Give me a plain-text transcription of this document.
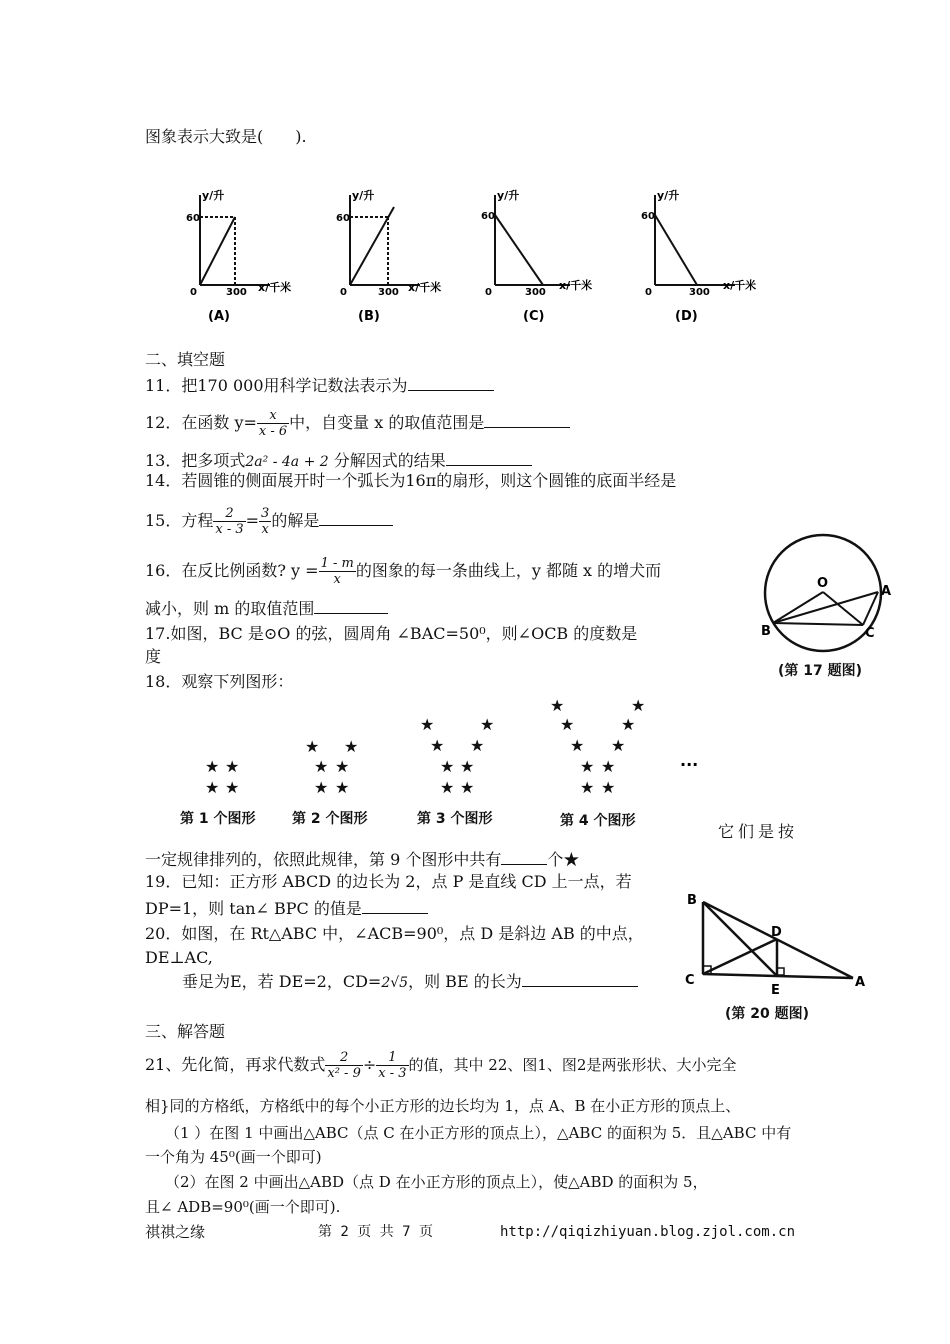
图象表示大致是(　　).
y/升
60
0	300 x/千米
(A)
y/升
60
0	300 x/千米
(B)
y/升
60
0	300
x/千米
(C)
y/升
60
0	300
x/千米
(D)
二、填空题
11．把170 000用科学记数法表示为
12．在函数 $y= \frac{x}{x - 6}$ 中，自变量 x 的取值范围是
13．把多项式2a² - 4a + 2 分解因式的结果
14．若圆锥的侧面展开时一个弧长为16π的扇形，则这个圆锥的底面半经是
15．方程 $\frac{2}{x - 3} = \frac{3}{x}$ 的解是
16．在反比例函数? $y = \frac{1 - m}{x}$ 的图象的每一条曲线上，y 都随 x 的增犬而
减小，则 m 的取值范围
17.如图，BC 是⊙O 的弦，圆周角 ∠BAC=50⁰，则∠OCB 的度数是
度
O
A
B	C
(第 17 题图)
18．观察下列图形：
★ ★
★ ★
★ ★
★ ★
★ ★
★	★
★ ★
★ ★
★ ★
★	★
★	★
★ ★
★ ★
★ ★
···
第 1 个图形	第 2 个图形	第 3 个图形	第 4 个图形
它们是按
一定规律排列的，依照此规律，第 9 个图形中共有	个★
19．已知：正方形 ABCD 的边长为 2，点 P 是直线 CD 上一点，若
DP=1，则 tan∠ BPC 的值是
20．如图，在 Rt△ABC 中，∠ACB=90⁰，点 D 是斜边 AB 的中点，
DE⊥AC,
垂足为E，若 DE=2，CD=2√5，则 BE 的长为
B
D
C
E
A
(第 20 题图)
三、解答题
21、先化简，再求代数式 $\frac{2}{\text{x² - 9}} \div \frac{1}{x - 3}$ 的值，其中 22、图1、图2是两张形状、大小完全
相}同的方格纸，方格纸中的每个小正方形的边长均为 1，点 A、B 在小正方形的顶点上、
（1 ）在图 1 中画出△ABC（点 C 在小正方形的顶点上），△ABC 的面积为 5．且△ABC 中有
一个角为 45⁰(画一个即可)
（2）在图 2 中画出△ABD（点 D 在小正方形的顶点上），使△ABD 的面积为 5，
且∠ ADB=90⁰(画一个即可).
祺祺之缘	第 2 页 共 7 页	http://qiqizhiyuan.blog.zjol.com.cn
